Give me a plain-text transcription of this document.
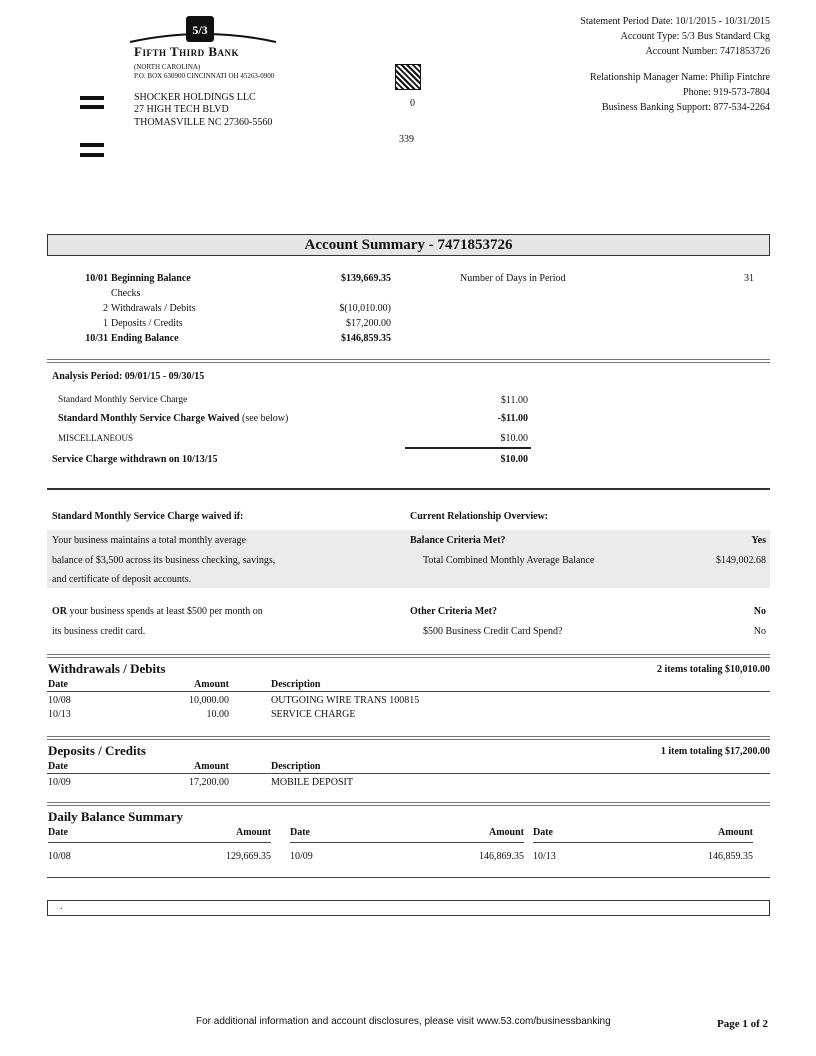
5/3
Fifth Third Bank
(NORTH CAROLINA)
P.O. BOX 630900 CINCINNATI OH 45263-0900
SHOCKER HOLDINGS LLC
27 HIGH TECH BLVD
THOMASVILLE NC 27360-5560
0
339
Statement Period Date: 10/1/2015 - 10/31/2015
Account Type: 5/3 Bus Standard Ckg
Account Number: 7471853726
Relationship Manager Name: Philip Fintchre
Phone: 919-573-7804
Business Banking Support: 877-534-2264
Account Summary - 7471853726
10/01 Beginning Balance	$139,669.35
Checks
2 Withdrawals / Debits	$(10,010.00)
1 Deposits / Credits	$17,200.00
10/31 Ending Balance	$146,859.35
Number of Days in Period	31
Analysis Period: 09/01/15 - 09/30/15
Standard Monthly Service Charge	$11.00
Standard Monthly Service Charge Waived (see below)	-$11.00
MISCELLANEOUS	$10.00
Service Charge withdrawn on 10/13/15	$10.00
Standard Monthly Service Charge waived if:	Current Relationship Overview:
Your business maintains a total monthly average
balance of $3,500 across its business checking, savings,
and certificate of deposit accounts.
Balance Criteria Met?	Yes
Total Combined Monthly Average Balance	$149,002.68
OR your business spends at least $500 per month on
its business credit card.
Other Criteria Met?	No
$500 Business Credit Card Spend?	No
Withdrawals / Debits	2 items totaling $10,010.00
Date	Amount	Description
10/08	10,000.00	OUTGOING WIRE TRANS 100815
10/13	10.00	SERVICE CHARGE
Deposits / Credits	1 item totaling $17,200.00
Date	Amount	Description
10/09	17,200.00	MOBILE DEPOSIT
Daily Balance Summary
Date	Amount
10/08	129,669.35
Date	Amount
10/09	146,869.35
Date	Amount
10/13	146,859.35
.
For additional information and account disclosures, please visit www.53.com/businessbanking	Page 1 of 2
